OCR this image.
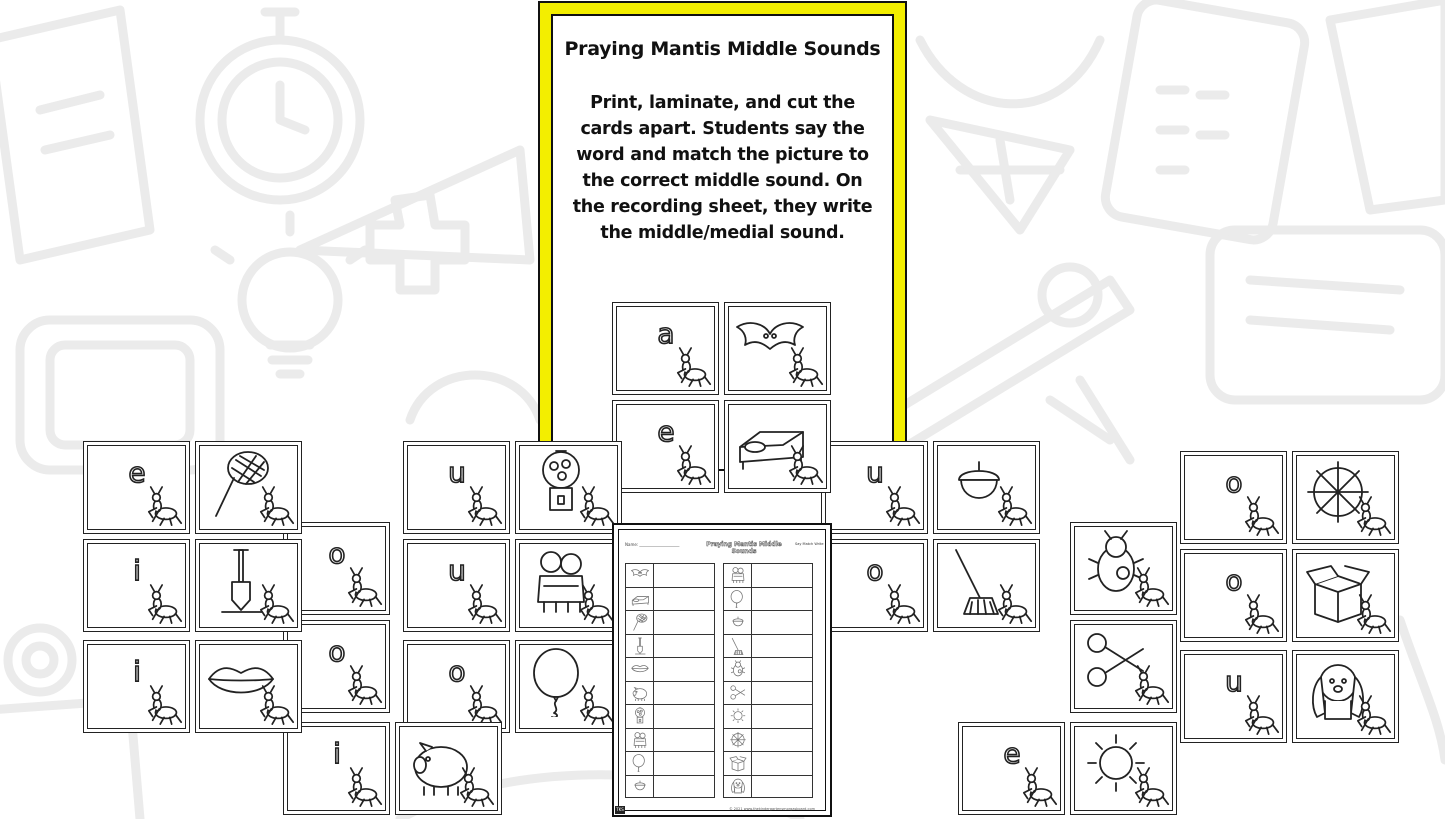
Praying Mantis Middle Sounds
Print, laminate, and cut the cards apart. Students say the word and match the picture to the correct middle sound. On the recording sheet, they write the middle/medial sound.
a
e
e
i
i
o
o
i
u
u
o
u
o
e
o
o
u
Name: ____________________	Praying Mantis Middle Sounds
Say Match Write
© 2021 www.thekindergartensmorgasboard.com
TKS
